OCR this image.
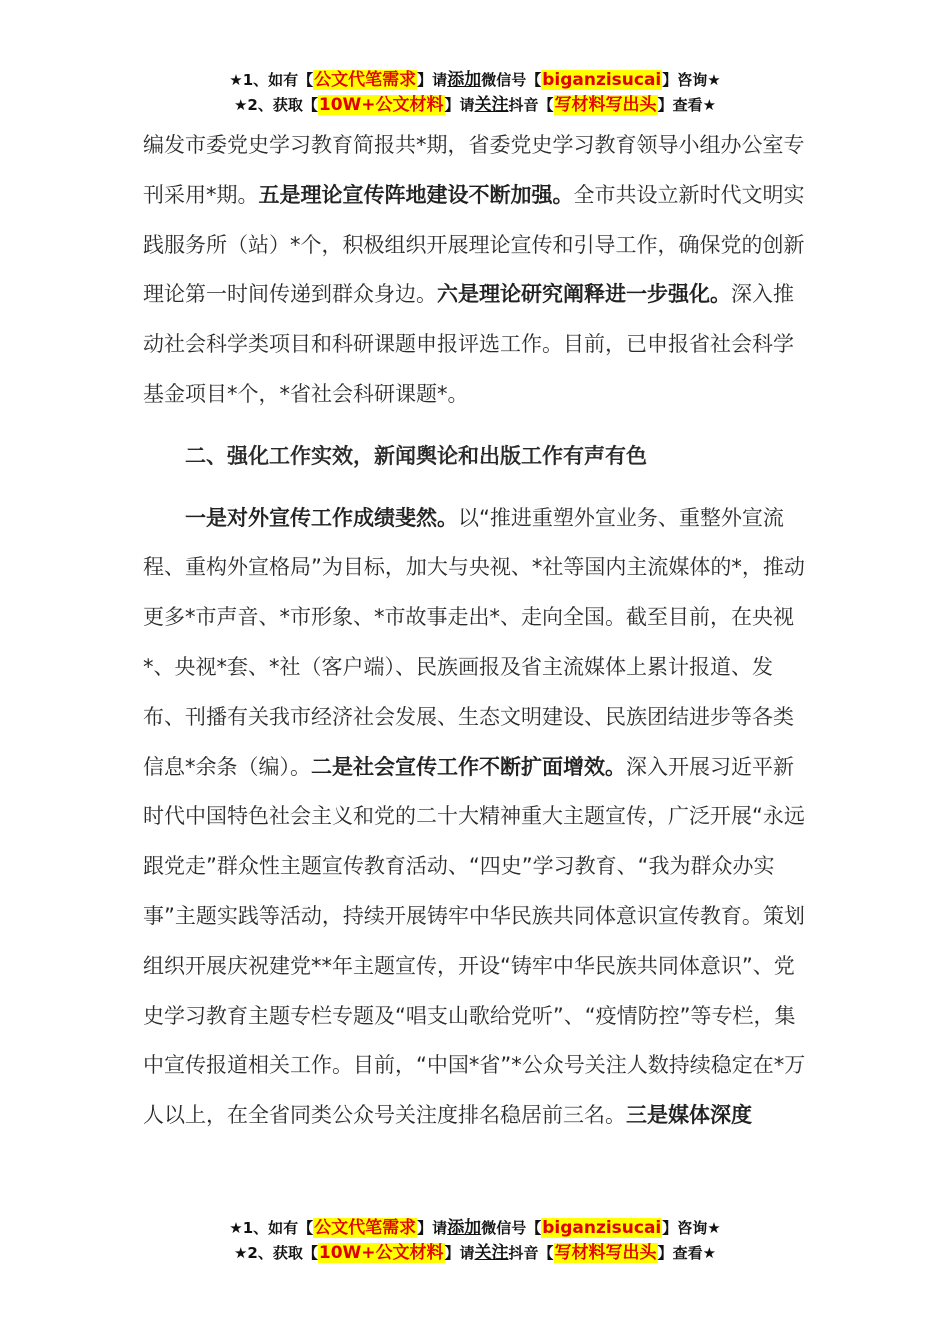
★1、如有【公文代笔需求】请添加微信号【biganzisucai】咨询★
★2、获取【10W+公文材料】请关注抖音【写材料写出头】查看★

编发市委党史学习教育简报共*期，省委党史学习教育领导小组办公室专刊采用*期。五是理论宣传阵地建设不断加强。全市共设立新时代文明实践服务所（站）*个，积极组织开展理论宣传和引导工作，确保党的创新理论第一时间传递到群众身边。六是理论研究阐释进一步强化。深入推动社会科学类项目和科研课题申报评选工作。目前，已申报省社会科学基金项目*个，*省社会科研课题*。

二、强化工作实效，新闻舆论和出版工作有声有色

一是对外宣传工作成绩斐然。以“推进重塑外宣业务、重整外宣流程、重构外宣格局”为目标，加大与央视、*社等国内主流媒体的*，推动更多*市声音、*市形象、*市故事走出*、走向全国。截至目前，在央视*、央视*套、*社（客户端）、民族画报及省主流媒体上累计报道、发布、刊播有关我市经济社会发展、生态文明建设、民族团结进步等各类信息*余条（编）。二是社会宣传工作不断扩面增效。深入开展习近平新时代中国特色社会主义和党的二十大精神重大主题宣传，广泛开展“永远跟党走”群众性主题宣传教育活动、“四史”学习教育、“我为群众办实事”主题实践等活动，持续开展铸牢中华民族共同体意识宣传教育。策划组织开展庆祝建党**年主题宣传，开设“铸牢中华民族共同体意识”、党史学习教育主题专栏专题及“唱支山歌给党听”、“疫情防控”等专栏，集中宣传报道相关工作。目前，“中国*省”*公众号关注人数持续稳定在*万人以上，在全省同类公众号关注度排名稳居前三名。三是媒体深度

★1、如有【公文代笔需求】请添加微信号【biganzisucai】咨询★
★2、获取【10W+公文材料】请关注抖音【写材料写出头】查看★
